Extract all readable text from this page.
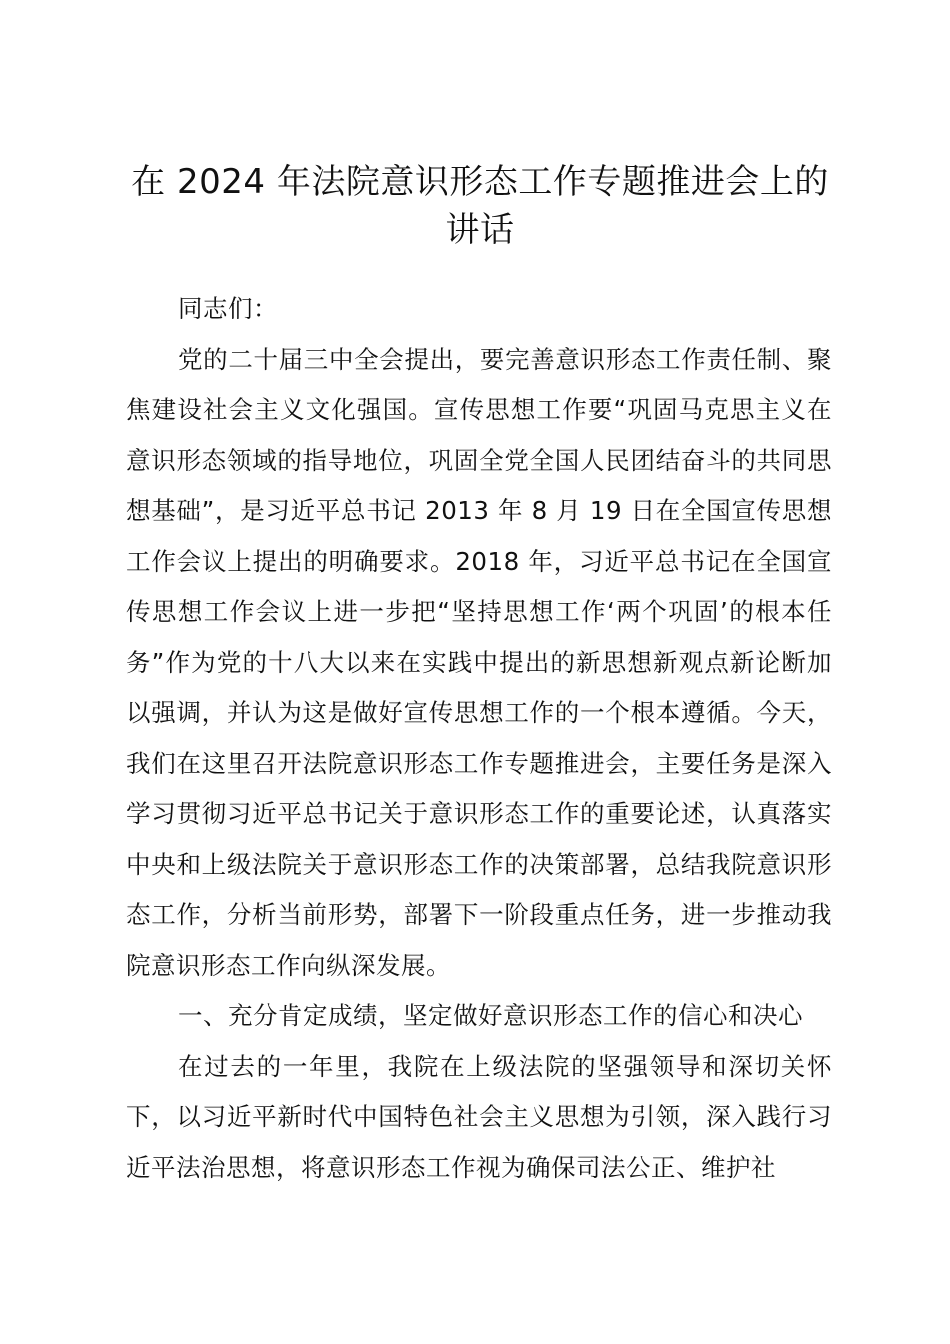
在 2024 年法院意识形态工作专题推进会上的讲话

同志们：

党的二十届三中全会提出，要完善意识形态工作责任制、聚焦建设社会主义文化强国。宣传思想工作要“巩固马克思主义在意识形态领域的指导地位，巩固全党全国人民团结奋斗的共同思想基础”，是习近平总书记 2013 年 8 月 19 日在全国宣传思想工作会议上提出的明确要求。2018 年，习近平总书记在全国宣传思想工作会议上进一步把“坚持思想工作‘两个巩固’的根本任务”作为党的十八大以来在实践中提出的新思想新观点新论断加以强调，并认为这是做好宣传思想工作的一个根本遵循。今天，我们在这里召开法院意识形态工作专题推进会，主要任务是深入学习贯彻习近平总书记关于意识形态工作的重要论述，认真落实中央和上级法院关于意识形态工作的决策部署，总结我院意识形态工作，分析当前形势，部署下一阶段重点任务，进一步推动我院意识形态工作向纵深发展。

一、充分肯定成绩，坚定做好意识形态工作的信心和决心

在过去的一年里，我院在上级法院的坚强领导和深切关怀下，以习近平新时代中国特色社会主义思想为引领，深入践行习近平法治思想，将意识形态工作视为确保司法公正、维护社
